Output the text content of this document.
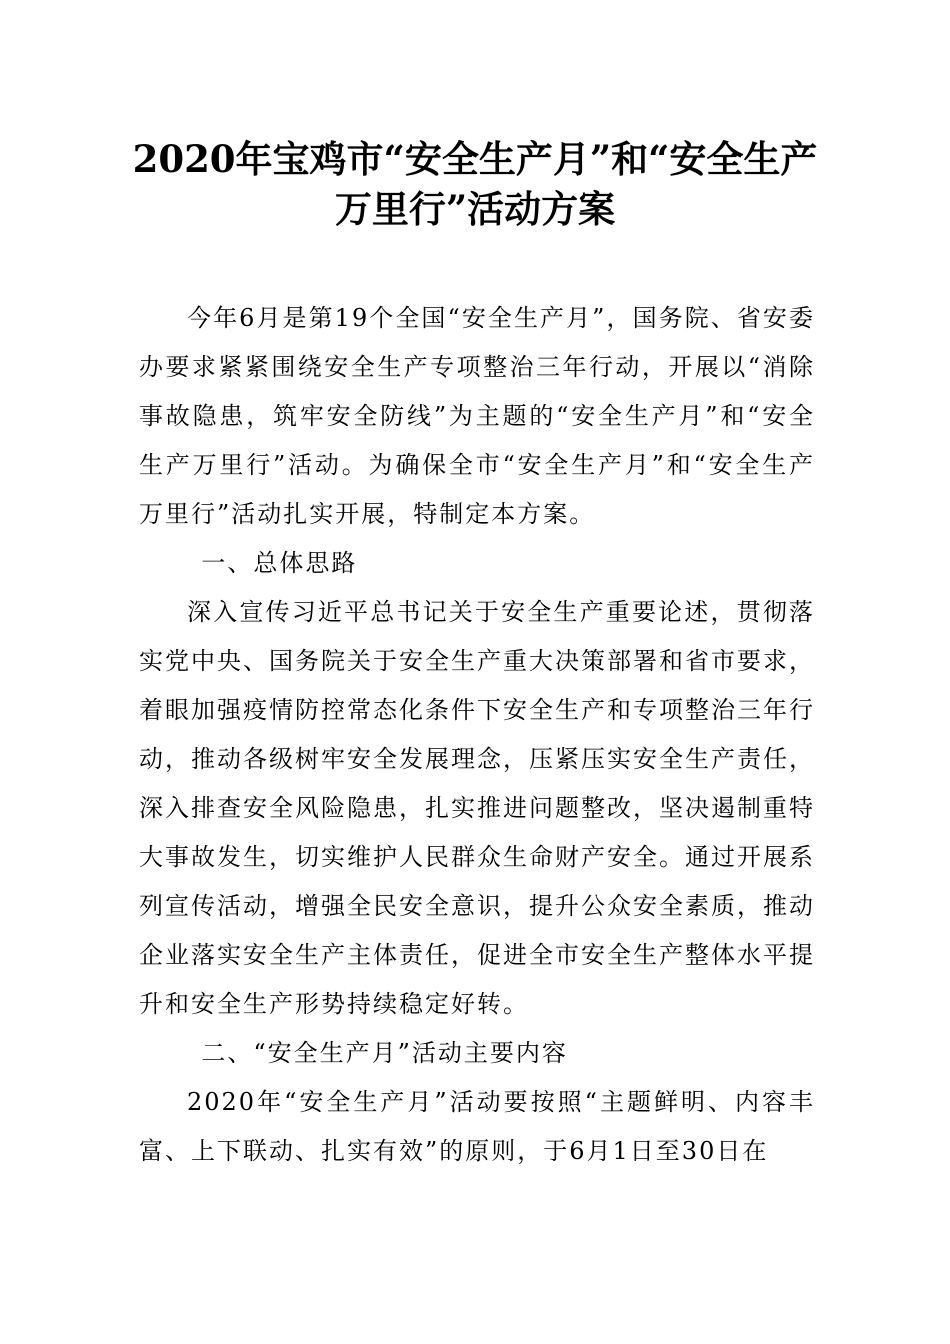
2020年宝鸡市“安全生产月”和“安全生产
万里行”活动方案

今年6月是第19个全国“安全生产月”，国务院、省安委办要求紧紧围绕安全生产专项整治三年行动，开展以“消除事故隐患，筑牢安全防线”为主题的“安全生产月”和“安全生产万里行”活动。为确保全市“安全生产月”和“安全生产万里行”活动扎实开展，特制定本方案。

一、总体思路

深入宣传习近平总书记关于安全生产重要论述，贯彻落实党中央、国务院关于安全生产重大决策部署和省市要求，着眼加强疫情防控常态化条件下安全生产和专项整治三年行动，推动各级树牢安全发展理念，压紧压实安全生产责任，深入排查安全风险隐患，扎实推进问题整改，坚决遏制重特大事故发生，切实维护人民群众生命财产安全。通过开展系列宣传活动，增强全民安全意识，提升公众安全素质，推动企业落实安全生产主体责任，促进全市安全生产整体水平提升和安全生产形势持续稳定好转。

二、“安全生产月”活动主要内容

2020年“安全生产月”活动要按照“主题鲜明、内容丰富、上下联动、扎实有效”的原则，于6月1日至30日在
